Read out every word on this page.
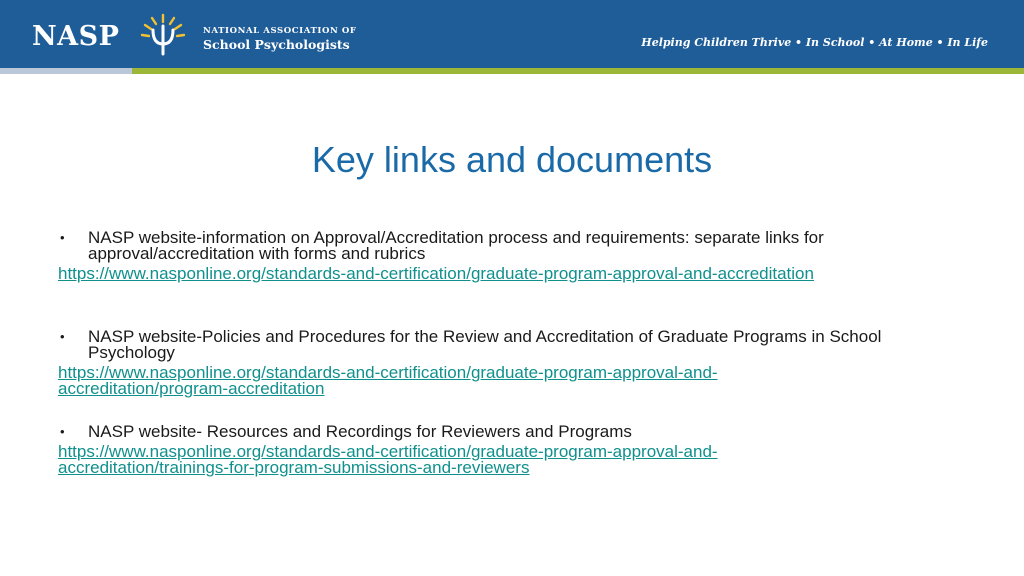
NASP	NATIONAL ASSOCIATION OF
School Psychologists	Helping Children Thrive • In School • At Home • In Life
Key links and documents
• NASP website-information on Approval/Accreditation process and requirements: separate links for approval/accreditation with forms and rubrics
https://www.nasponline.org/standards-and-certification/graduate-program-approval-and-accreditation
• NASP website-Policies and Procedures for the Review and Accreditation of Graduate Programs in School Psychology
https://www.nasponline.org/standards-and-certification/graduate-program-approval-and-accreditation/program-accreditation
• NASP website- Resources and Recordings for Reviewers and Programs
https://www.nasponline.org/standards-and-certification/graduate-program-approval-and-accreditation/trainings-for-program-submissions-and-reviewers
